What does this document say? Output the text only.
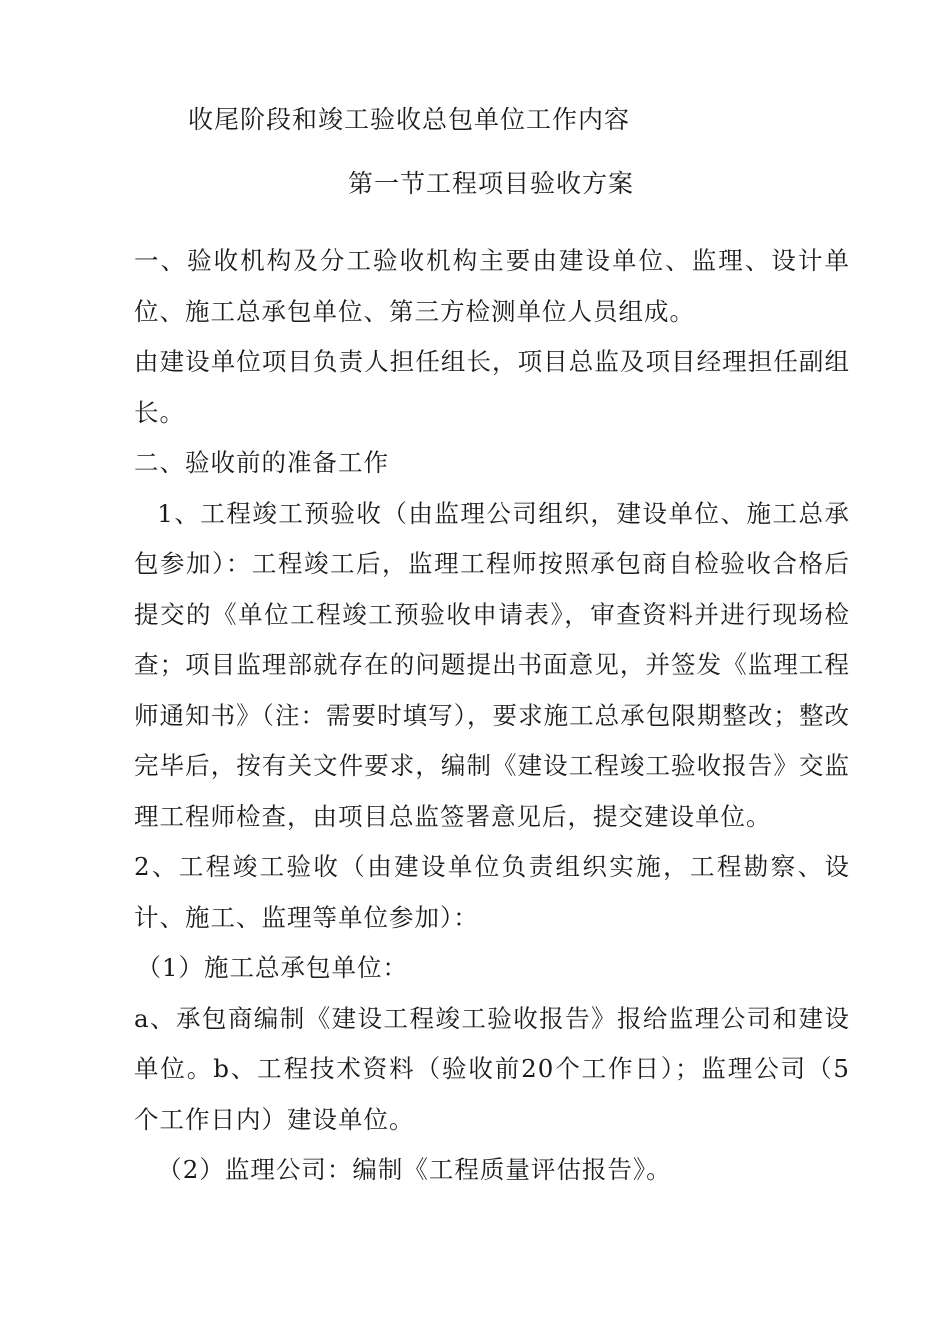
收尾阶段和竣工验收总包单位工作内容
第一节工程项目验收方案

一、验收机构及分工验收机构主要由建设单位、监理、设计单位、施工总承包单位、第三方检测单位人员组成。

由建设单位项目负责人担任组长，项目总监及项目经理担任副组长。

二、验收前的准备工作

1、工程竣工预验收（由监理公司组织，建设单位、施工总承包参加）：工程竣工后，监理工程师按照承包商自检验收合格后提交的《单位工程竣工预验收申请表》，审查资料并进行现场检查；项目监理部就存在的问题提出书面意见，并签发《监理工程师通知书》（注：需要时填写），要求施工总承包限期整改；整改完毕后，按有关文件要求，编制《建设工程竣工验收报告》交监理工程师检查，由项目总监签署意见后，提交建设单位。

2、工程竣工验收（由建设单位负责组织实施，工程勘察、设计、施工、监理等单位参加）：

（1）施工总承包单位：

a、承包商编制《建设工程竣工验收报告》报给监理公司和建设单位。b、工程技术资料（验收前20个工作日）；监理公司（5个工作日内）建设单位。

（2）监理公司：编制《工程质量评估报告》。
